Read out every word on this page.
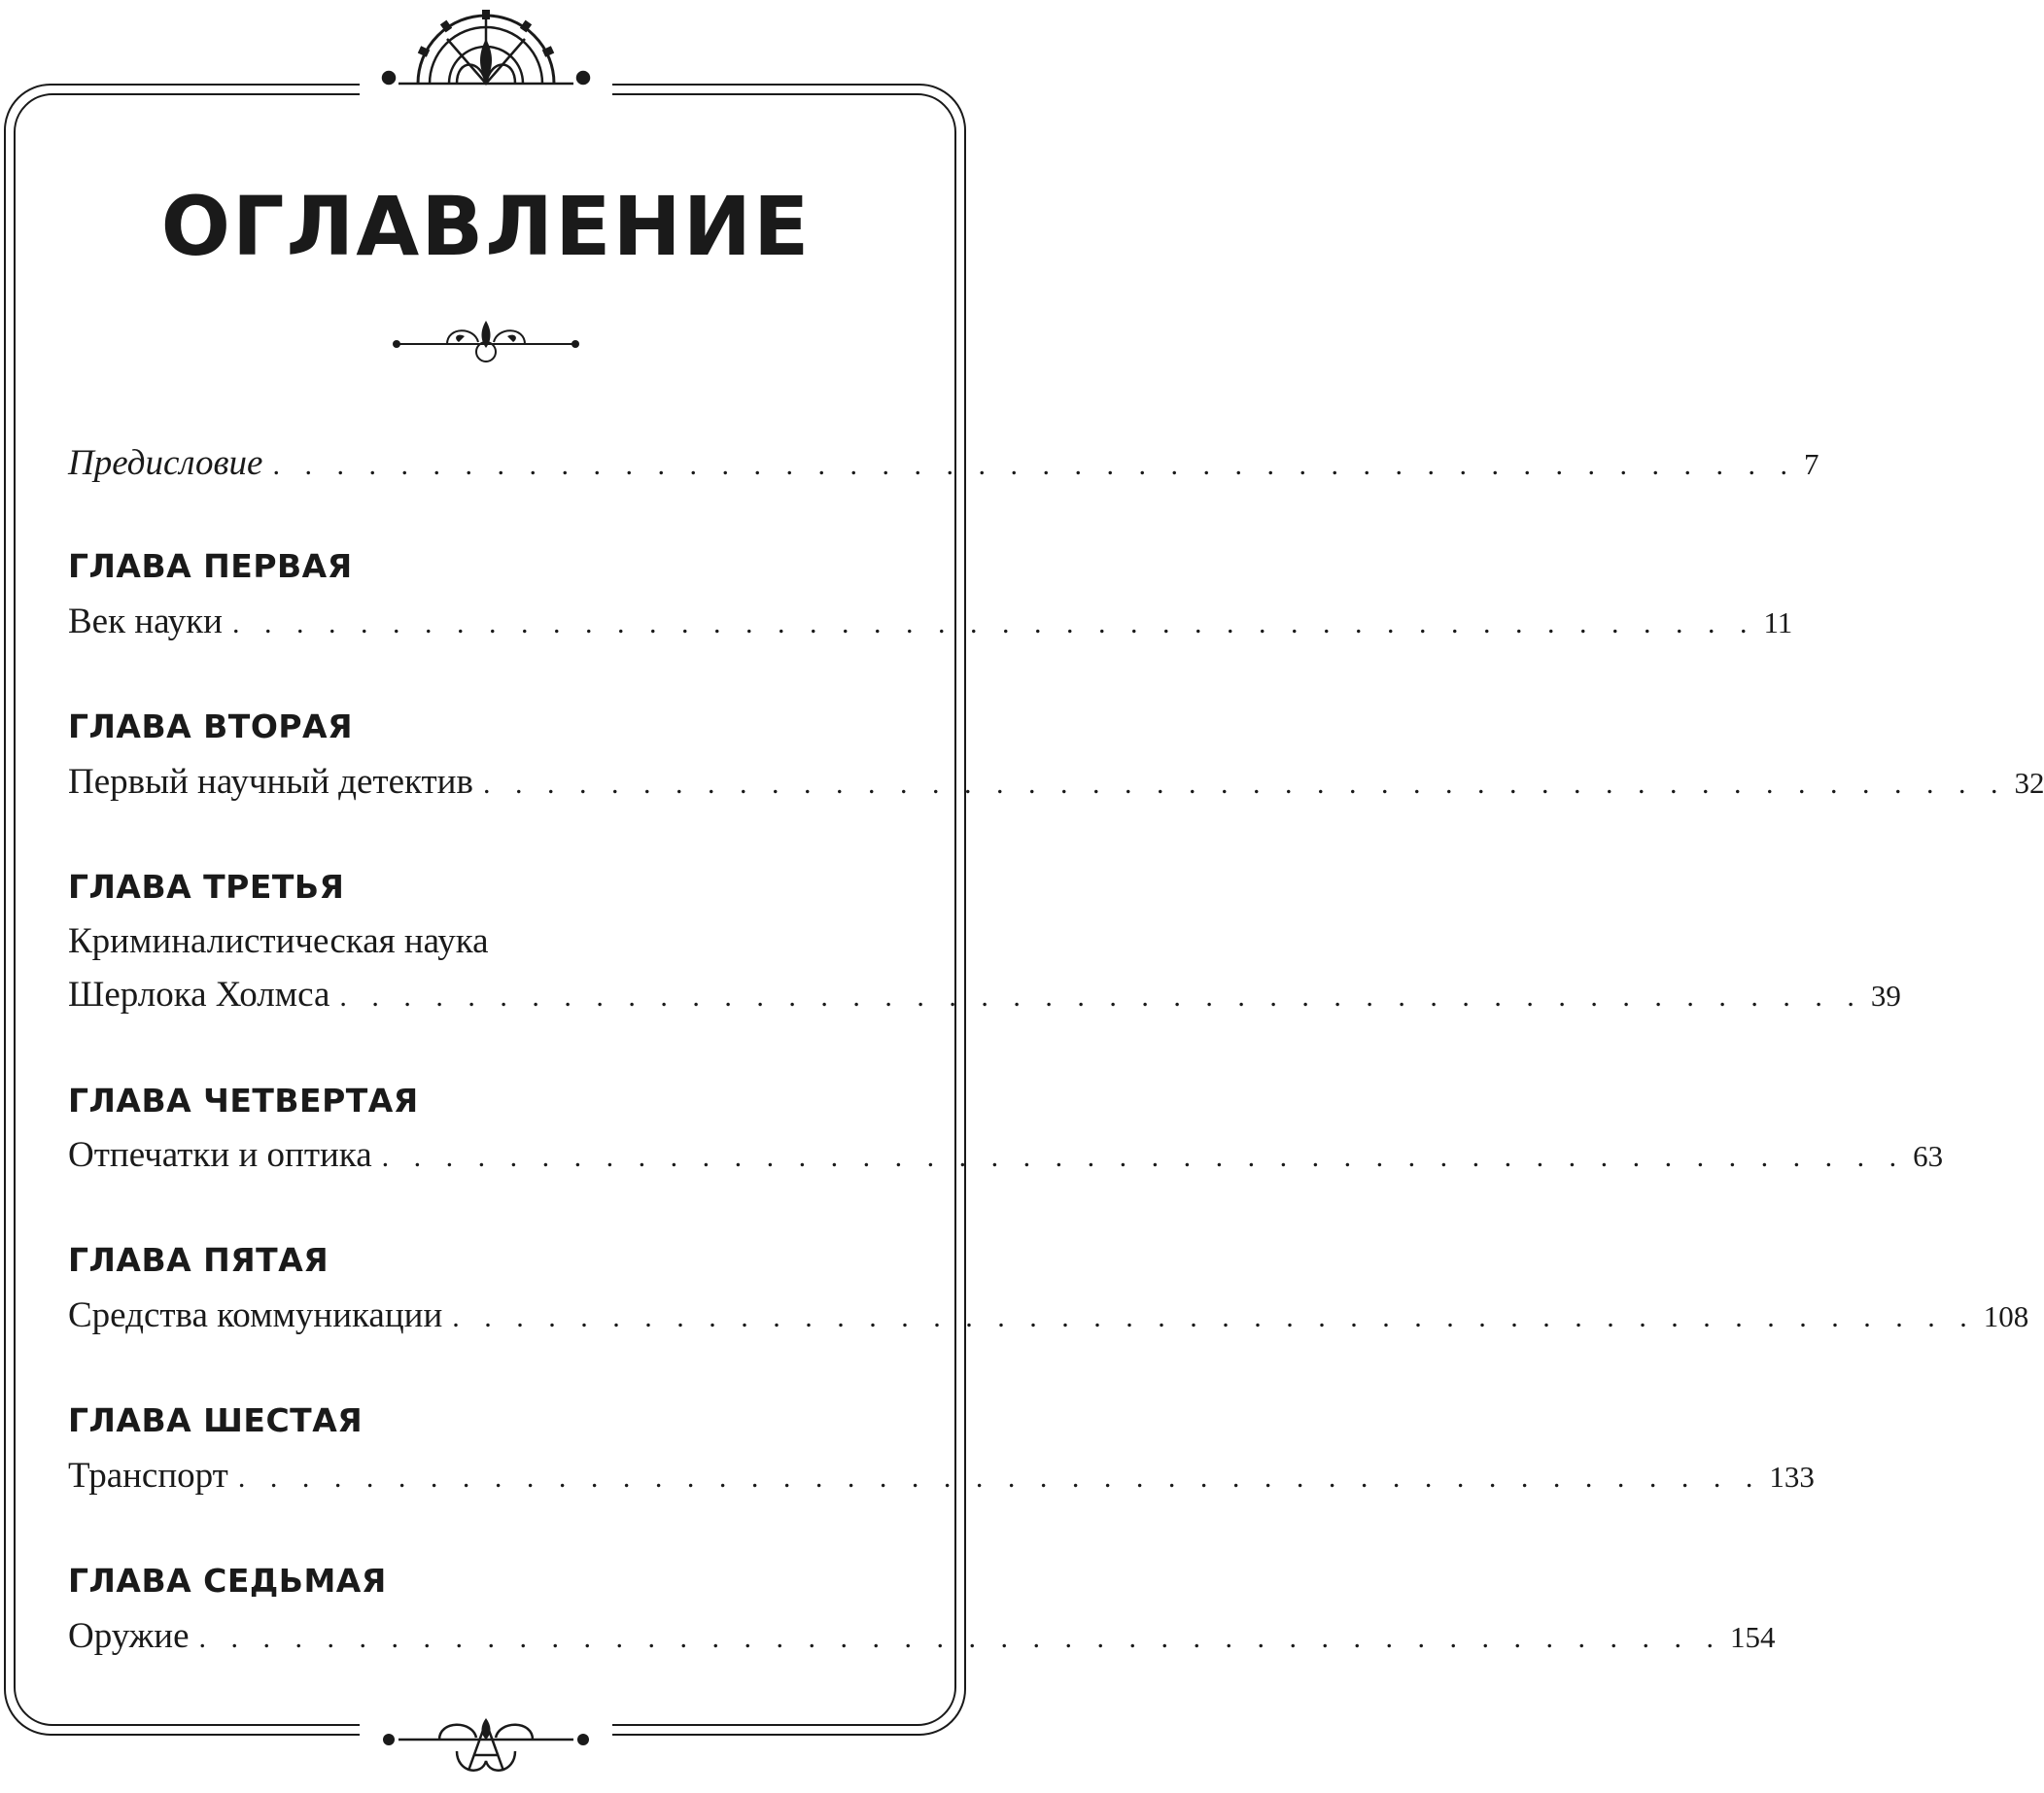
ОГЛАВЛЕНИЕ
Предисловие . . . . . . . . . . . . . . . . . . . . . . . . . . . . . . . . . . . . . . . . . . . . . . . . 7
ГЛАВА ПЕРВАЯ
Век науки . . . . . . . . . . . . . . . . . . . . . . . . . . . . . . . . . . . . . . . . . . . . . . . . 11
ГЛАВА ВТОРАЯ
Первый научный детектив . . . . . . . . . . . . . . . . . . . . . . . . . . . . . . . . . . . . . . . . . . . . . . . . 32
ГЛАВА ТРЕТЬЯ
Криминалистическая наука
Шерлока Холмса . . . . . . . . . . . . . . . . . . . . . . . . . . . . . . . . . . . . . . . . . . . . . . . . 39
ГЛАВА ЧЕТВЕРТАЯ
Отпечатки и оптика . . . . . . . . . . . . . . . . . . . . . . . . . . . . . . . . . . . . . . . . . . . . . . . . 63
ГЛАВА ПЯТАЯ
Средства коммуникации . . . . . . . . . . . . . . . . . . . . . . . . . . . . . . . . . . . . . . . . . . . . . . . . 108
ГЛАВА ШЕСТАЯ
Транспорт . . . . . . . . . . . . . . . . . . . . . . . . . . . . . . . . . . . . . . . . . . . . . . . . 133
ГЛАВА СЕДЬМАЯ
Оружие . . . . . . . . . . . . . . . . . . . . . . . . . . . . . . . . . . . . . . . . . . . . . . . . 154
